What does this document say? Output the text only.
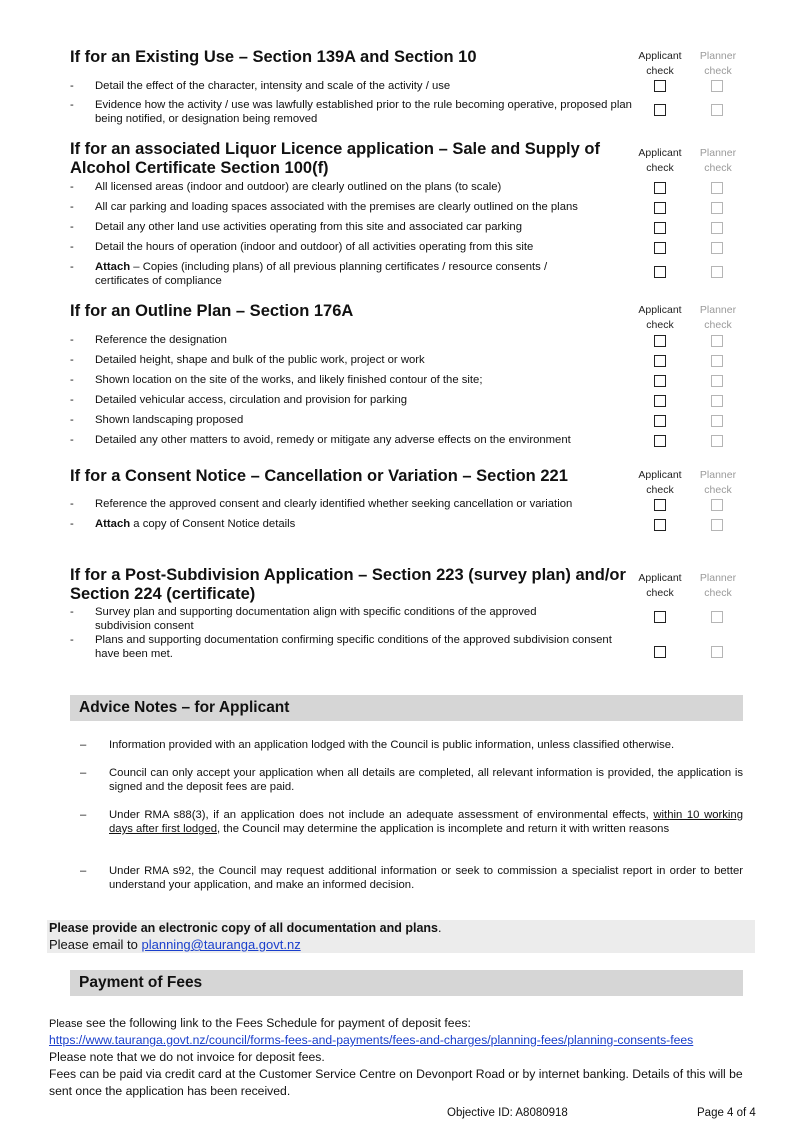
If for an Existing Use – Section 139A and Section 10	Applicant
check
Planner
check
- Detail the effect of the character, intensity and scale of the activity / use
- Evidence how the activity / use was lawfully established prior to the rule becoming operative, proposed plan being notified, or designation being removed
If for an associated Liquor Licence application – Sale and Supply of
Alcohol Certificate Section 100(f)
Applicant
check
Planner
check
- All licensed areas (indoor and outdoor) are clearly outlined on the plans (to scale)
- All car parking and loading spaces associated with the premises are clearly outlined on the plans
- Detail any other land use activities operating from this site and associated car parking
- Detail the hours of operation (indoor and outdoor) of all activities operating from this site
- Attach – Copies (including plans) of all previous planning certificates / resource consents / certificates of compliance
If for an Outline Plan – Section 176A	Applicant
check
Planner
check
- Reference the designation
- Detailed height, shape and bulk of the public work, project or work
- Shown location on the site of the works, and likely finished contour of the site;
- Detailed vehicular access, circulation and provision for parking
- Shown landscaping proposed
- Detailed any other matters to avoid, remedy or mitigate any adverse effects on the environment
If for a Consent Notice – Cancellation or Variation – Section 221	Applicant
check
Planner
check
- Reference the approved consent and clearly identified whether seeking cancellation or variation
- Attach a copy of Consent Notice details
If for a Post-Subdivision Application – Section 223 (survey plan) and/or
Section 224 (certificate)
Applicant
check
Planner
check
- Survey plan and supporting documentation align with specific conditions of the approved subdivision consent
- Plans and supporting documentation confirming specific conditions of the approved subdivision consent have been met.
Advice Notes – for Applicant
– Information provided with an application lodged with the Council is public information, unless classified otherwise.
– Council can only accept your application when all details are completed, all relevant information is provided, the application is signed and the deposit fees are paid.
– Under RMA s88(3), if an application does not include an adequate assessment of environmental effects, within 10 working days after first lodged, the Council may determine the application is incomplete and return it with written reasons
– Under RMA s92, the Council may request additional information or seek to commission a specialist report in order to better understand your application, and make an informed decision.
Please provide an electronic copy of all documentation and plans.
Please email to planning@tauranga.govt.nz
Payment of Fees
Please see the following link to the Fees Schedule for payment of deposit fees:
https://www.tauranga.govt.nz/council/forms-fees-and-payments/fees-and-charges/planning-fees/planning-consents-fees
Please note that we do not invoice for deposit fees.
Fees can be paid via credit card at the Customer Service Centre on Devonport Road or by internet banking. Details of this will be sent once the application has been received.
Objective ID: A8080918	Page 4 of 4
